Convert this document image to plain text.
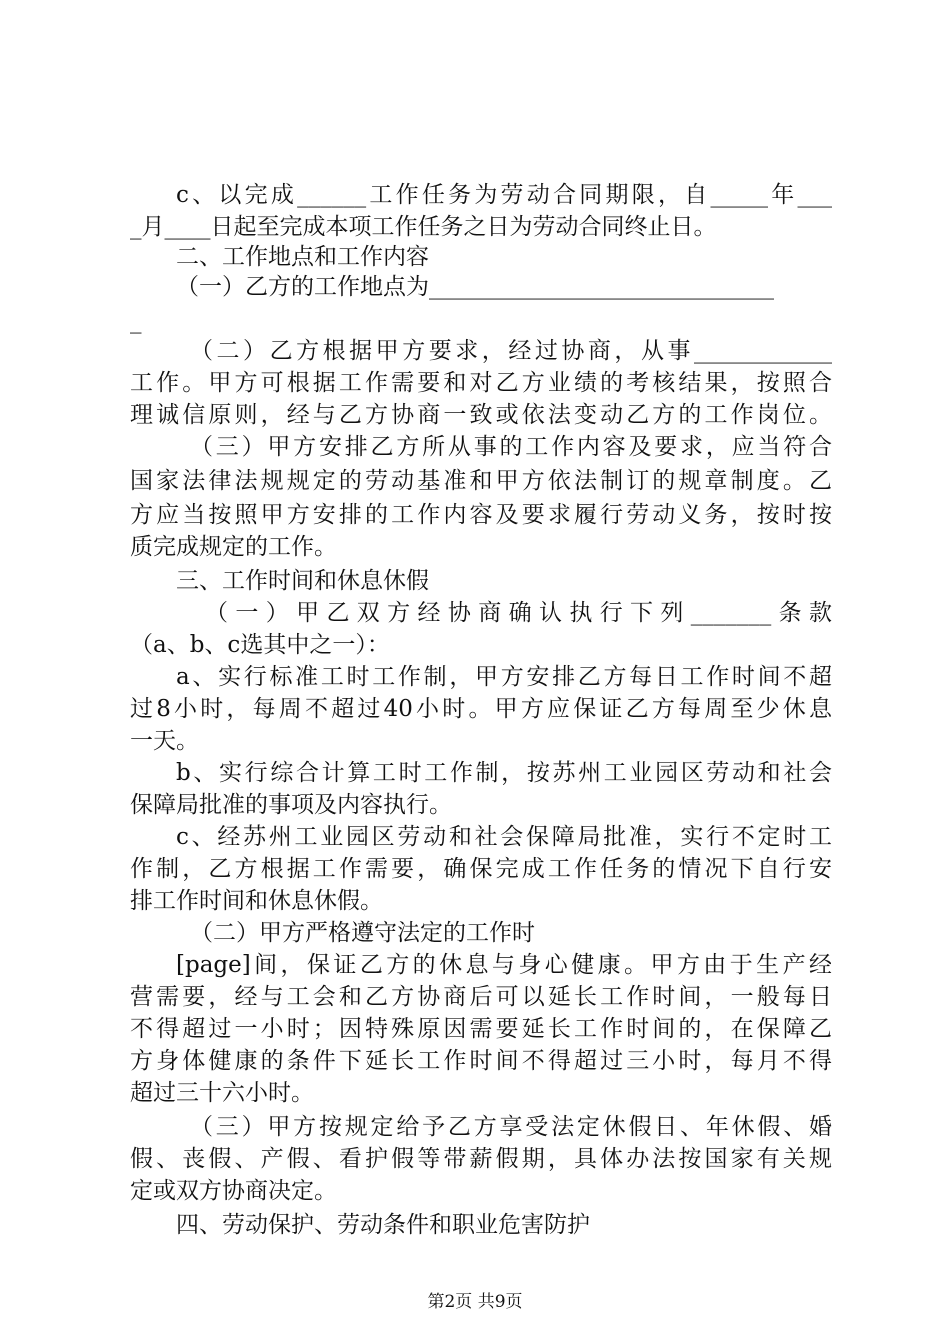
c、以完成______工作任务为劳动合同期限，自_____年___
_月____日起至完成本项工作任务之日为劳动合同终止日。
二、工作地点和工作内容
（一）乙方的工作地点为______________________________
_
（二）乙方根据甲方要求，经过协商，从事____________
工作。甲方可根据工作需要和对乙方业绩的考核结果，按照合
理诚信原则，经与乙方协商一致或依法变动乙方的工作岗位。
（三）甲方安排乙方所从事的工作内容及要求，应当符合
国家法律法规规定的劳动基准和甲方依法制订的规章制度。乙
方应当按照甲方安排的工作内容及要求履行劳动义务，按时按
质完成规定的工作。
三、工作时间和休息休假
（一）甲乙双方经协商确认执行下列_______条款
（a、b、c选其中之一）：
a、实行标准工时工作制，甲方安排乙方每日工作时间不超
过8小时，每周不超过40小时。甲方应保证乙方每周至少休息
一天。
b、实行综合计算工时工作制，按苏州工业园区劳动和社会
保障局批准的事项及内容执行。
c、经苏州工业园区劳动和社会保障局批准，实行不定时工
作制，乙方根据工作需要，确保完成工作任务的情况下自行安
排工作时间和休息休假。
（二）甲方严格遵守法定的工作时
[page]间，保证乙方的休息与身心健康。甲方由于生产经
营需要，经与工会和乙方协商后可以延长工作时间，一般每日
不得超过一小时；因特殊原因需要延长工作时间的，在保障乙
方身体健康的条件下延长工作时间不得超过三小时，每月不得
超过三十六小时。
（三）甲方按规定给予乙方享受法定休假日、年休假、婚
假、丧假、产假、看护假等带薪假期，具体办法按国家有关规
定或双方协商决定。
四、劳动保护、劳动条件和职业危害防护
第2页 共9页
